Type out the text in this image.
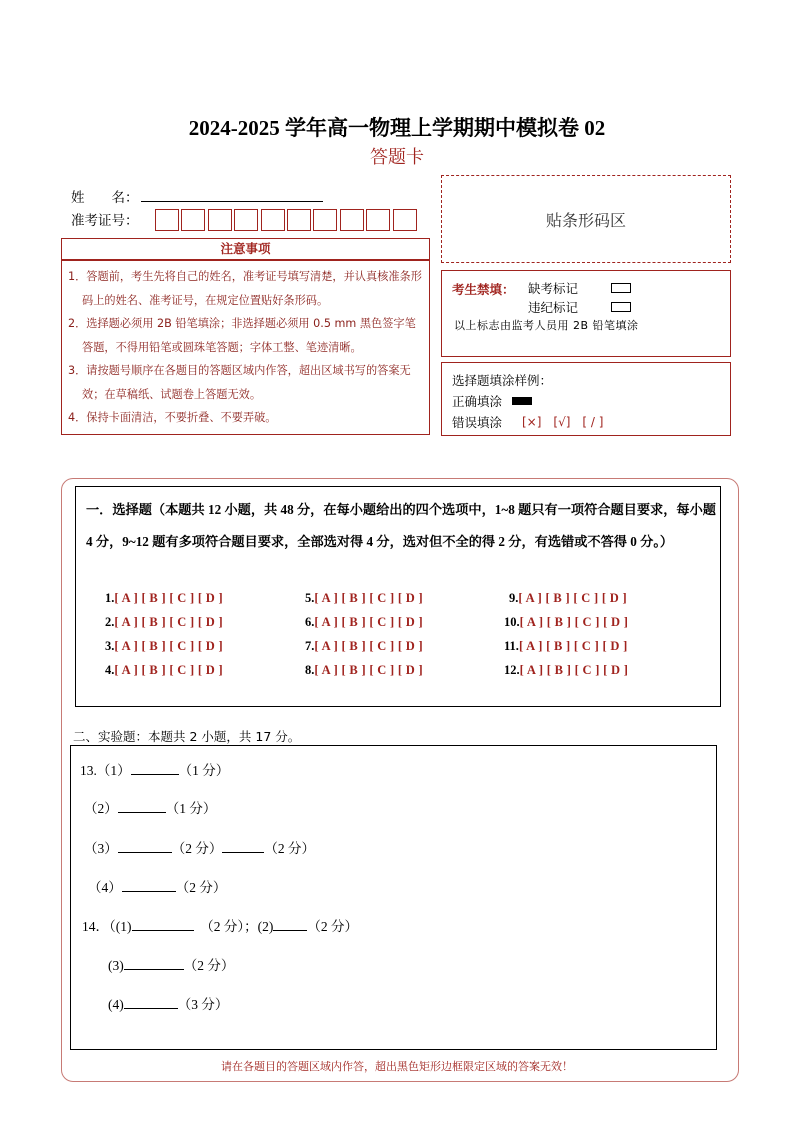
2024-2025 学年高一物理上学期期中模拟卷 02
答题卡
姓　　名：
准考证号：	贴条形码区
注意事项
1．答题前，考生先将自己的姓名，准考证号填写清楚，并认真核准条形码上的姓名、准考证号，在规定位置贴好条形码。
2．选择题必须用 2B 铅笔填涂；非选择题必须用 0.5 mm 黑色签字笔答题，不得用铅笔或圆珠笔答题；字体工整、笔迹清晰。
3．请按题号顺序在各题目的答题区域内作答，超出区域书写的答案无效；在草稿纸、试题卷上答题无效。
4．保持卡面清洁，不要折叠、不要弄破。
考生禁填： 缺考标记
违纪标记
以上标志由监考人员用 2B 铅笔填涂
选择题填涂样例：
正确填涂
错误填涂 [×]　[√]　[ / ]
一．选择题（本题共 12 小题，共 48 分，在每小题给出的四个选项中，1~8 题只有一项符合题目要求，每小题 4 分，9~12 题有多项符合题目要求，全部选对得 4 分，选对但不全的得 2 分，有选错或不答得 0 分。）
1.[ A ] [ B ] [ C ] [ D ]
2.[ A ] [ B ] [ C ] [ D ]
3.[ A ] [ B ] [ C ] [ D ]
4.[ A ] [ B ] [ C ] [ D ]
5.[ A ] [ B ] [ C ] [ D ]
6.[ A ] [ B ] [ C ] [ D ]
7.[ A ] [ B ] [ C ] [ D ]
8.[ A ] [ B ] [ C ] [ D ]
9.[ A ] [ B ] [ C ] [ D ]
10.[ A ] [ B ] [ C ] [ D ]
11.[ A ] [ B ] [ C ] [ D ]
12.[ A ] [ B ] [ C ] [ D ]
二、实验题：本题共 2 小题，共 17 分。
13.（1）	（1 分）
（2）	（1 分）
（3）	（2 分）	（2 分）
（4）	（2 分）
14．（(1)	　（2 分）；(2)	（2 分）
(3)	（2 分）
(4)	（3 分）
请在各题目的答题区域内作答，超出黑色矩形边框限定区域的答案无效！
